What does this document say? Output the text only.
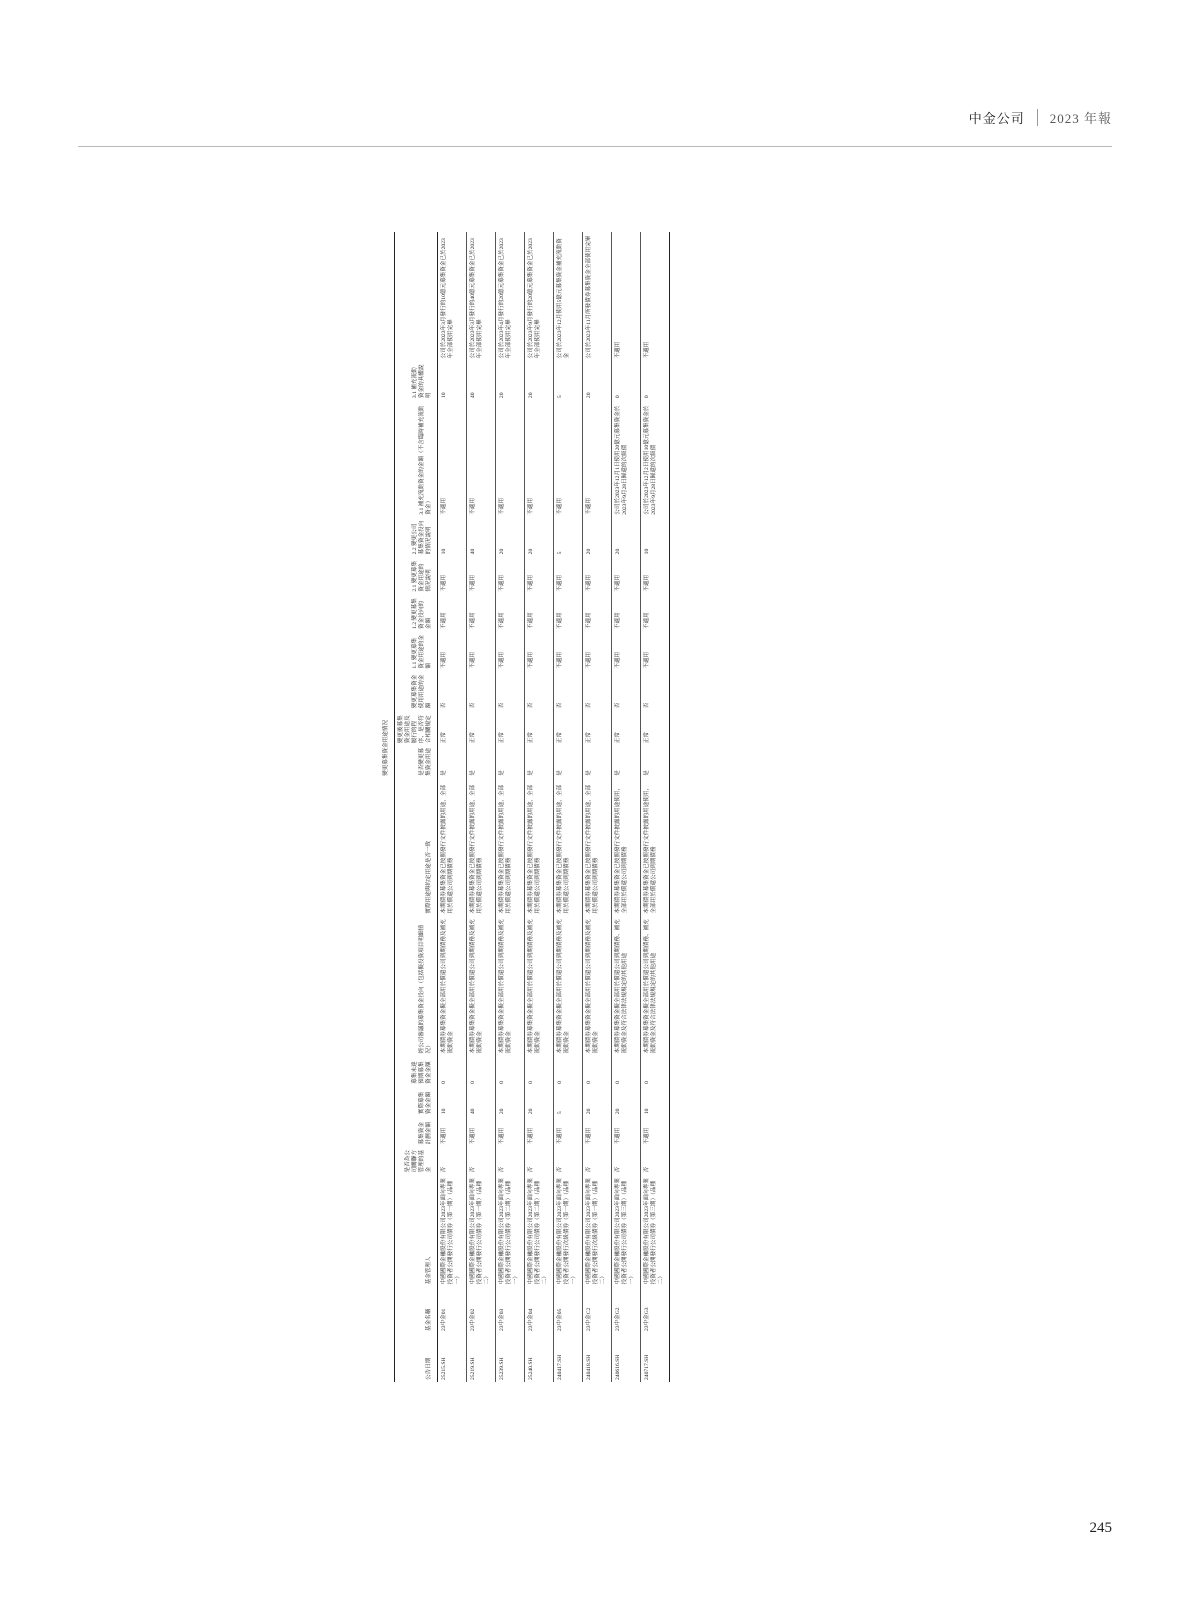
中金公司	2023 年報
									變更募集資金用途情況									
公告日期	基金名稱	基金管理人	是否為公司關聯方管理的基金	募集資金計劃金額	實際募集資金金額	募集未達預期募集資金金額	經公司審議的募集資金投向（包括擬投資項目明細情況）	實際用途與約定用途是否一致	是否變更募集資金用途	變更後募集資金用途及履行的程序、是否符合相關規定	變更募集資金使用用途的金額	1.1 變更募集資金用途的金額	1.2 變更募集資金投向的金額	2.1 變更募集資金用途的情況說明	2.2 變更公司募集資金投向的情況說明	3.1 補充流動資金的金額（不含臨時補充流動資金）	3.1 補充流動資金的具體說明	
25215.SH	23中金01	中國國際金融股份有限公司2023年面向專業投資者公開發行公司債券（第一期）（品種一）	否	不適用	10	0	本期債券募集資金擬全部用於償還公司到期債務及補充流動資金	本期債券募集資金已按照發行文件披露的用途，全部用於償還公司到期債務	是	正常	否	不適用	不適用	不適用	10	不適用	10	公司於2023年3月發行的10億元募集資金已於2023年全部使用完畢
25219.SH	23中金02	中國國際金融股份有限公司2023年面向專業投資者公開發行公司債券（第一期）（品種二）	否	不適用	40	0	本期債券募集資金擬全部用於償還公司到期債務及補充流動資金	本期債券募集資金已按照發行文件披露的用途，全部用於償還公司到期債務	是	正常	否	不適用	不適用	不適用	40	不適用	40	公司於2023年3月發行的40億元募集資金已於2023年全部使用完畢
25239.SH	23中金03	中國國際金融股份有限公司2023年面向專業投資者公開發行公司債券（第二期）（品種一）	否	不適用	20	0	本期債券募集資金擬全部用於償還公司到期債務及補充流動資金	本期債券募集資金已按照發行文件披露的用途，全部用於償還公司到期債務	是	正常	否	不適用	不適用	不適用	20	不適用	20	公司於2023年4月發行的20億元募集資金已於2023年全部使用完畢
25240.SH	23中金04	中國國際金融股份有限公司2023年面向專業投資者公開發行公司債券（第二期）（品種二）	否	不適用	20	0	本期債券募集資金擬全部用於償還公司到期債務及補充流動資金	本期債券募集資金已按照發行文件披露的用途，全部用於償還公司到期債務	是	正常	否	不適用	不適用	不適用	20	不適用	20	公司於2023年9月發行的20億元募集資金已於2023年全部使用完畢
240417.SH	23中金05	中國國際金融股份有限公司2023年面向專業投資者公開發行次級債券（第一期）（品種一）	否	不適用	5	0	本期債券募集資金擬全部用於償還公司到期債務及補充流動資金	本期債券募集資金已按照發行文件披露的用途，全部用於償還公司到期債務	是	正常	否	不適用	不適用	不適用	5	不適用	5	公司於2023年12月使用5億元募集資金補充流動資金
240418.SH	23中金C2	中國國際金融股份有限公司2023年面向專業投資者公開發行次級債券（第一期）（品種二）	否	不適用	20	0	本期債券募集資金擬全部用於償還公司到期債務及補充流動資金	本期債券募集資金已按照發行文件披露的用途，全部用於償還公司到期債務	是	正常	否	不適用	不適用	不適用	20	不適用	20	公司於2023年11月所發債券募集資金全部使用完畢
240616.SH	23中金G2	中國國際金融股份有限公司2023年面向專業投資者公開發行公司債券（第三期）（品種一）	否	不適用	20	0	本期債券募集資金擬全部用於償還公司到期債務、補充流動資金及符合法律法規規定的其他用途	本期債券募集資金已按照發行文件披露的用途使用，全部用於償還公司到期債務	是	正常	否	不適用	不適用	不適用	20	公司於2023年12月1日使用20億元募集資金於2023年9月28日歸還的次級債	0	不適用
240717.SH	23中金G3	中國國際金融股份有限公司2023年面向專業投資者公開發行公司債券（第三期）（品種二）	否	不適用	10	0	本期債券募集資金擬全部用於償還公司到期債務、補充流動資金及符合法律法規規定的其他用途	本期債券募集資金已按照發行文件披露的用途使用，全部用於償還公司到期債務	是	正常	否	不適用	不適用	不適用	10	公司於2023年12月2日使用10億元募集資金於2023年9月28日歸還的次級債	0	不適用
245
